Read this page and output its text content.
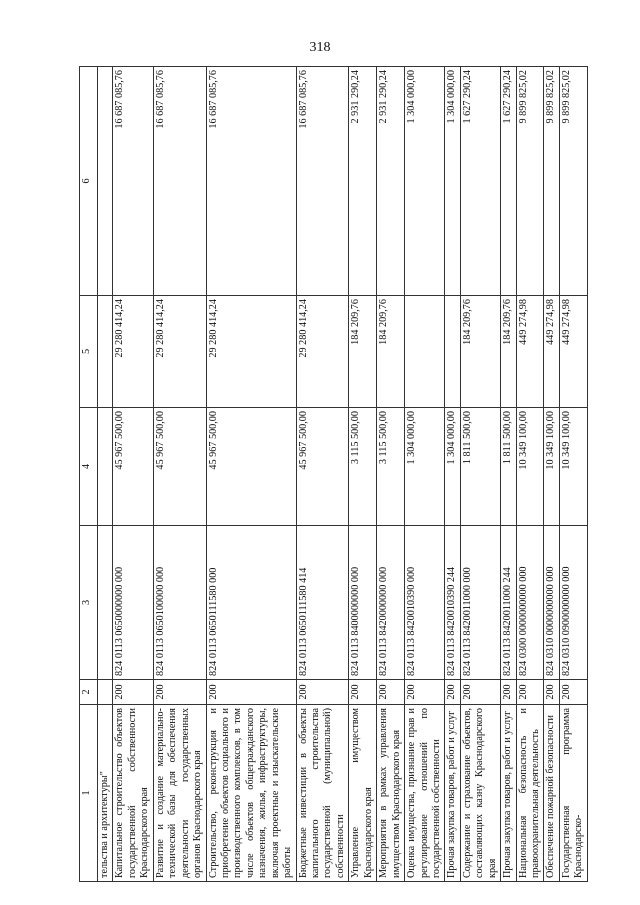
318
1	2	3	4	5	6
тельства и архитектуры"					
Капитальное строительство объектов государственной собственности Краснодарского края	200	824 0113 0650000000 000	45 967 500,00	29 280 414,24	16 687 085,76
Развитие и создание материально-технической базы для обеспечения деятельности государственных органов Краснодарского края	200	824 0113 0650100000 000	45 967 500,00	29 280 414,24	16 687 085,76
Строительство, реконструкция и приобретение объектов социального и производственного комплексов, в том числе объектов общегражданского назначения, жилья, инфраструктуры, включая проектные и изыскательские работы	200	824 0113 0650111580 000	45 967 500,00	29 280 414,24	16 687 085,76
Бюджетные инвестиции в объекты капитального строительства государственной (муниципальной) собственности	200	824 0113 0650111580 414	45 967 500,00	29 280 414,24	16 687 085,76
Управление имуществом Краснодарского края	200	824 0113 8400000000 000	3 115 500,00	184 209,76	2 931 290,24
Мероприятия в рамках управления имуществом Краснодарского края	200	824 0113 8420000000 000	3 115 500,00	184 209,76	2 931 290,24
Оценка имущества, признание прав и регулирование отношений по государственной собственности	200	824 0113 8420010390 000	1 304 000,00		1 304 000,00
Прочая закупка товаров, работ и услуг	200	824 0113 8420010390 244	1 304 000,00		1 304 000,00
Содержание и страхование объектов, составляющих казну Краснодарского края	200	824 0113 8420011000 000	1 811 500,00	184 209,76	1 627 290,24
Прочая закупка товаров, работ и услуг	200	824 0113 8420011000 244	1 811 500,00	184 209,76	1 627 290,24
Национальная безопасность и правоохранительная деятельность	200	824 0300 0000000000 000	10 349 100,00	449 274,98	9 899 825,02
Обеспечение пожарной безопасности	200	824 0310 0000000000 000	10 349 100,00	449 274,98	9 899 825,02
Государственная программа Краснодарско-	200	824 0310 0900000000 000	10 349 100,00	449 274,98	9 899 825,02
